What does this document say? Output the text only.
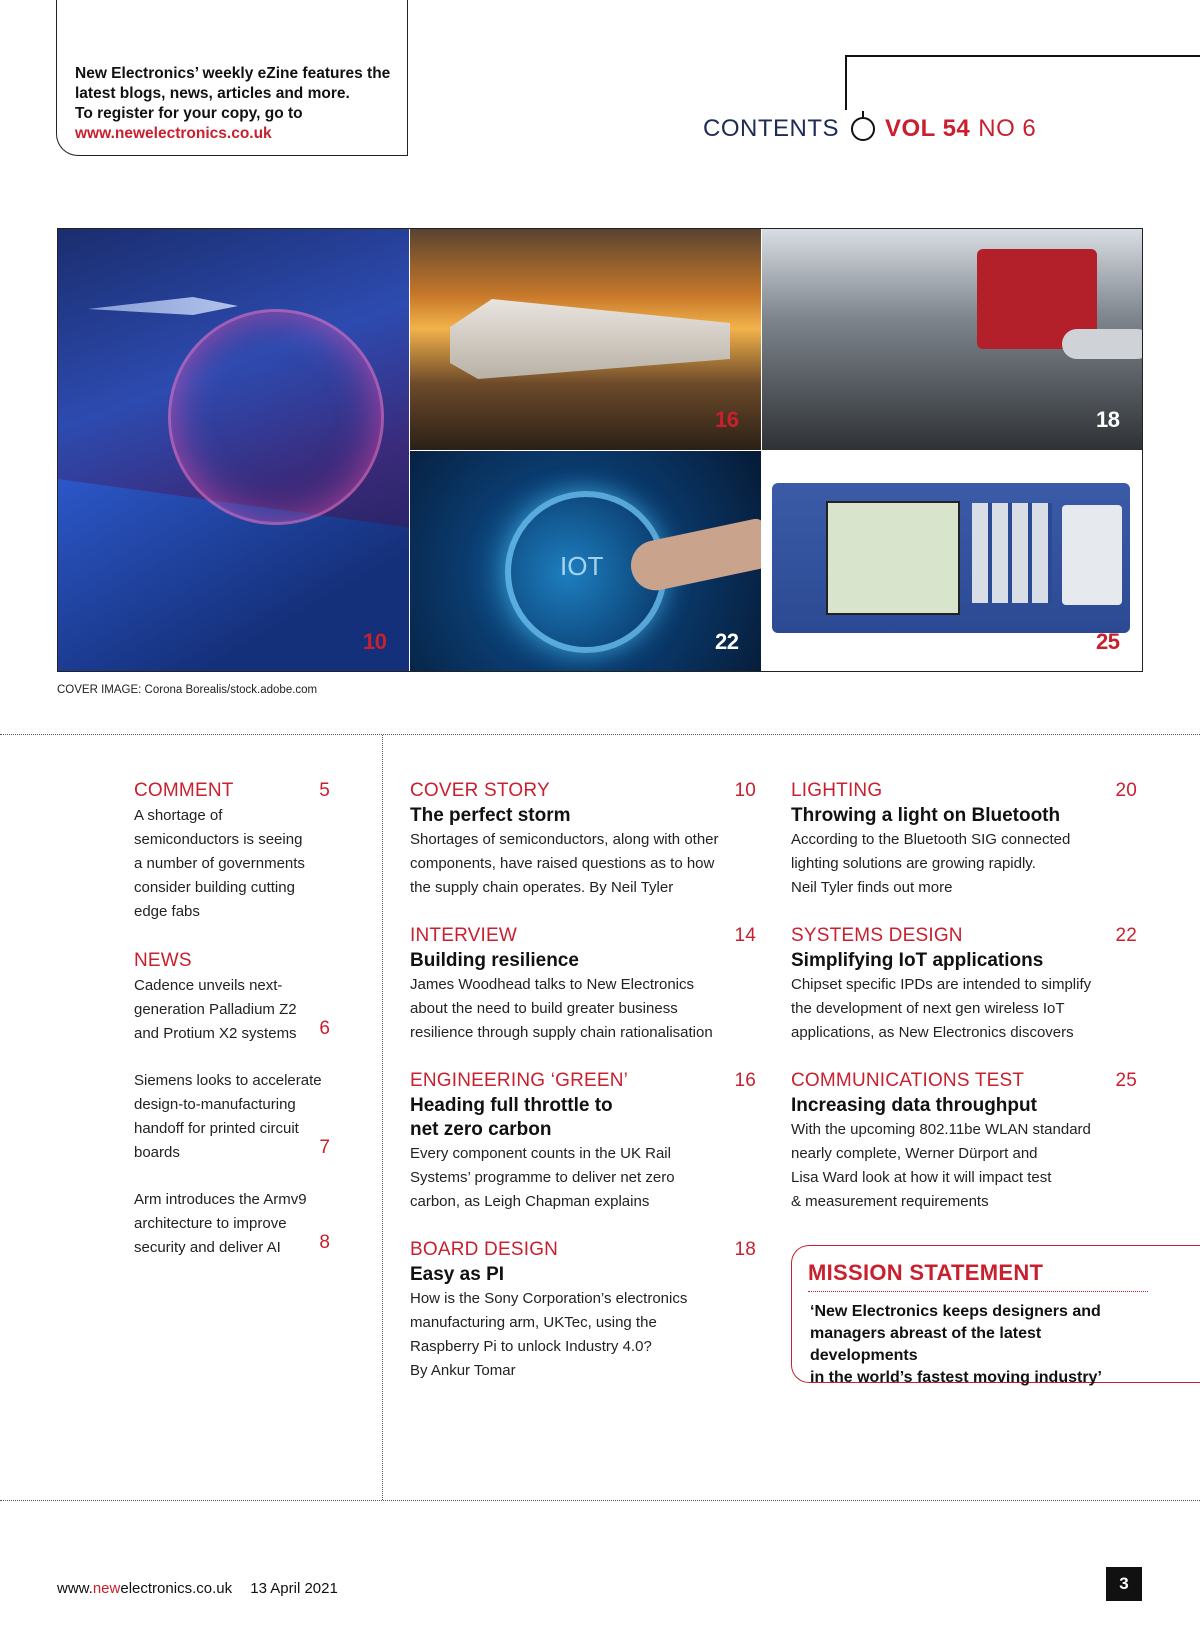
New Electronics’ weekly eZine features the
latest blogs, news, articles and more.
To register for your copy, go to
www.newelectronics.co.uk	CONTENTS VOL 54 NO 6
10
16	18
IOT
22	25
COVER IMAGE: Corona Borealis/stock.adobe.com
COMMENT	5
A shortage of
semiconductors is seeing
a number of governments
consider building cutting
edge fabs
NEWS
Cadence unveils next-
generation Palladium Z2
and Protium X2 systems	6
Siemens looks to accelerate
design-to-manufacturing
handoff for printed circuit
boards	7
Arm introduces the Armv9
architecture to improve
security and deliver AI	8
COVER STORY	10
The perfect storm
Shortages of semiconductors, along with other
components, have raised questions as to how
the supply chain operates. By Neil Tyler
INTERVIEW	14
Building resilience
James Woodhead talks to New Electronics
about the need to build greater business
resilience through supply chain rationalisation
ENGINEERING ‘GREEN’	16
Heading full throttle to
net zero carbon
Every component counts in the UK Rail
Systems’ programme to deliver net zero
carbon, as Leigh Chapman explains
BOARD DESIGN	18
Easy as PI
How is the Sony Corporation’s electronics
manufacturing arm, UKTec, using the
Raspberry Pi to unlock Industry 4.0?
By Ankur Tomar
LIGHTING	20
Throwing a light on Bluetooth
According to the Bluetooth SIG connected
lighting solutions are growing rapidly.
Neil Tyler finds out more
SYSTEMS DESIGN	22
Simplifying IoT applications
Chipset specific IPDs are intended to simplify
the development of next gen wireless IoT
applications, as New Electronics discovers
COMMUNICATIONS TEST	25
Increasing data throughput
With the upcoming 802.11be WLAN standard
nearly complete, Werner Dürport and
Lisa Ward look at how it will impact test
& measurement requirements
MISSION STATEMENT
‘New Electronics keeps designers and
managers abreast of the latest developments
in the world’s fastest moving industry’
www.newelectronics.co.uk 13 April 2021	3
